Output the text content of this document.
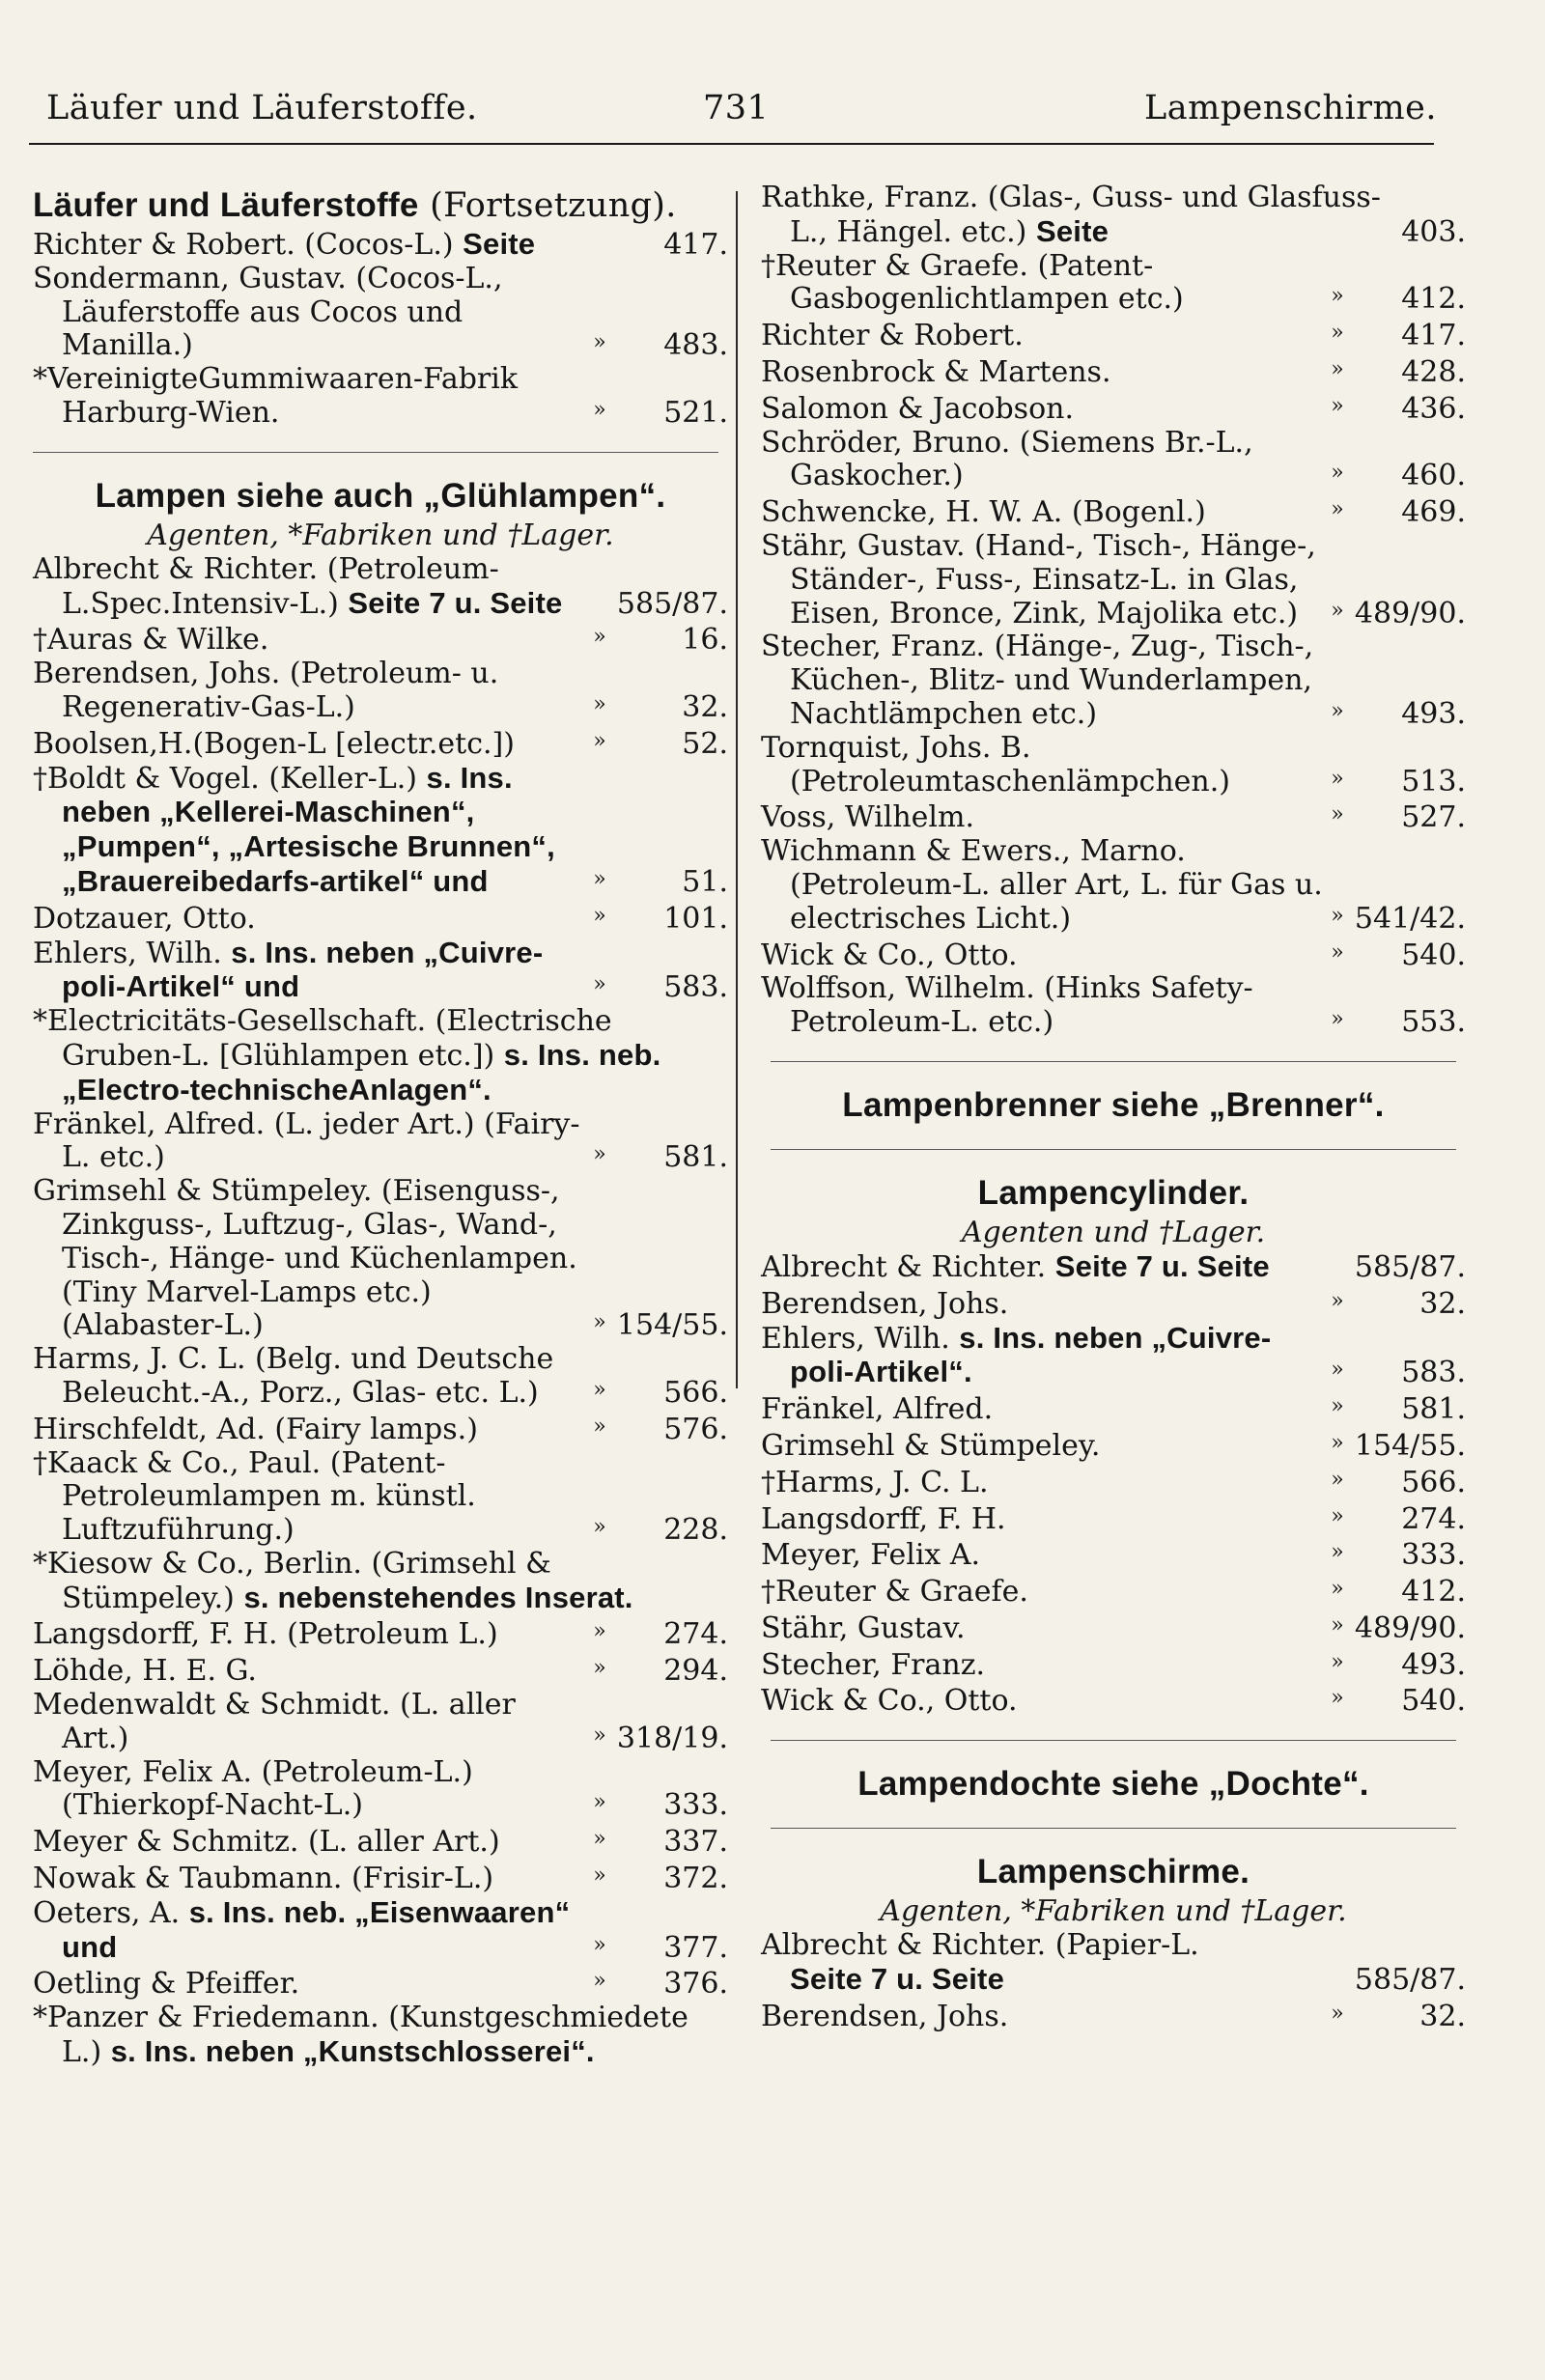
Läufer und Läuferstoffe.	731	Lampenschirme.
Läufer und Läuferstoffe (Fortsetzung).
Richter & Robert. (Cocos-L.) Seite	417.
Sondermann, Gustav. (Cocos-L., Läuferstoffe aus Cocos und Manilla.)	»	483.
*VereinigteGummiwaaren-Fabrik Harburg-Wien.	»	521.
Lampen siehe auch „Glühlampen“.
Agenten, *Fabriken und †Lager.
Albrecht & Richter. (Petroleum-
L.Spec.Intensiv-L.) Seite 7 u. Seite	585/87.
†Auras & Wilke.	»	16.
Berendsen, Johs. (Petroleum- u. Regenerativ-Gas-L.)	»	32.
Boolsen,H.(Bogen-L [electr.etc.])	»	52.
†Boldt & Vogel. (Keller-L.) s. Ins. neben „Kellerei-Maschinen“, „Pumpen“, „Artesische Brunnen“, „Brauereibedarfs-artikel“ und	»	51.
Dotzauer, Otto.	»	101.
Ehlers, Wilh. s. Ins. neben „Cuivre-poli-Artikel“ und	»	583.
*Electricitäts-Gesellschaft. (Electrische Gruben-L. [Glühlampen etc.]) s. Ins. neb. „Electro-technischeAnlagen“.
Fränkel, Alfred. (L. jeder Art.) (Fairy-L. etc.)	»	581.
Grimsehl & Stümpeley. (Eisenguss-, Zinkguss-, Luftzug-, Glas-, Wand-, Tisch-, Hänge- und Küchenlampen. (Tiny Marvel-Lamps etc.) (Alabaster-L.)	» 154/55.
Harms, J. C. L. (Belg. und Deutsche Beleucht.-A., Porz., Glas- etc. L.)	»	566.
Hirschfeldt, Ad. (Fairy lamps.)	»	576.
†Kaack & Co., Paul. (Patent-Petroleumlampen m. künstl. Luftzuführung.)	»	228.
*Kiesow & Co., Berlin. (Grimsehl & Stümpeley.) s. nebenstehendes Inserat.
Langsdorff, F. H. (Petroleum L.)	»	274.
Löhde, H. E. G.	»	294.
Medenwaldt & Schmidt. (L. aller Art.)	» 318/19.
Meyer, Felix A. (Petroleum-L.) (Thierkopf-Nacht-L.)	»	333.
Meyer & Schmitz. (L. aller Art.)	»	337.
Nowak & Taubmann. (Frisir-L.)	»	372.
Oeters, A. s. Ins. neb. „Eisenwaaren“ und	»	377.
Oetling & Pfeiffer.	»	376.
*Panzer & Friedemann. (Kunstgeschmiedete L.) s. Ins. neben „Kunstschlosserei“.
Rathke, Franz. (Glas-, Guss- und Glasfuss-L., Hängel. etc.) Seite	403.
†Reuter & Graefe. (Patent-Gasbogenlichtlampen etc.)	»	412.
Richter & Robert.	»	417.
Rosenbrock & Martens.	»	428.
Salomon & Jacobson.	»	436.
Schröder, Bruno. (Siemens Br.-L., Gaskocher.)	»	460.
Schwencke, H. W. A. (Bogenl.)	»	469.
Stähr, Gustav. (Hand-, Tisch-, Hänge-, Ständer-, Fuss-, Einsatz-L. in Glas, Eisen, Bronce, Zink, Majolika etc.)	» 489/90.
Stecher, Franz. (Hänge-, Zug-, Tisch-, Küchen-, Blitz- und Wunderlampen, Nachtlämpchen etc.)	»	493.
Tornquist, Johs. B. (Petroleumtaschenlämpchen.)	»	513.
Voss, Wilhelm.	»	527.
Wichmann & Ewers., Marno. (Petroleum-L. aller Art, L. für Gas u. electrisches Licht.)	» 541/42.
Wick & Co., Otto.	»	540.
Wolffson, Wilhelm. (Hinks Safety-Petroleum-L. etc.)	»	553.
Lampenbrenner siehe „Brenner“.
Lampencylinder.
Agenten und †Lager.
Albrecht & Richter. Seite 7 u. Seite	585/87.
Berendsen, Johs.	»	32.
Ehlers, Wilh. s. Ins. neben „Cuivre-poli-Artikel“.	»	583.
Fränkel, Alfred.	»	581.
Grimsehl & Stümpeley.	» 154/55.
†Harms, J. C. L.	»	566.
Langsdorff, F. H.	»	274.
Meyer, Felix A.	»	333.
†Reuter & Graefe.	»	412.
Stähr, Gustav.	» 489/90.
Stecher, Franz.	»	493.
Wick & Co., Otto.	»	540.
Lampendochte siehe „Dochte“.
Lampenschirme.
Agenten, *Fabriken und †Lager.
Albrecht & Richter. (Papier-L.
Seite 7 u. Seite	585/87.
Berendsen, Johs.	»	32.
